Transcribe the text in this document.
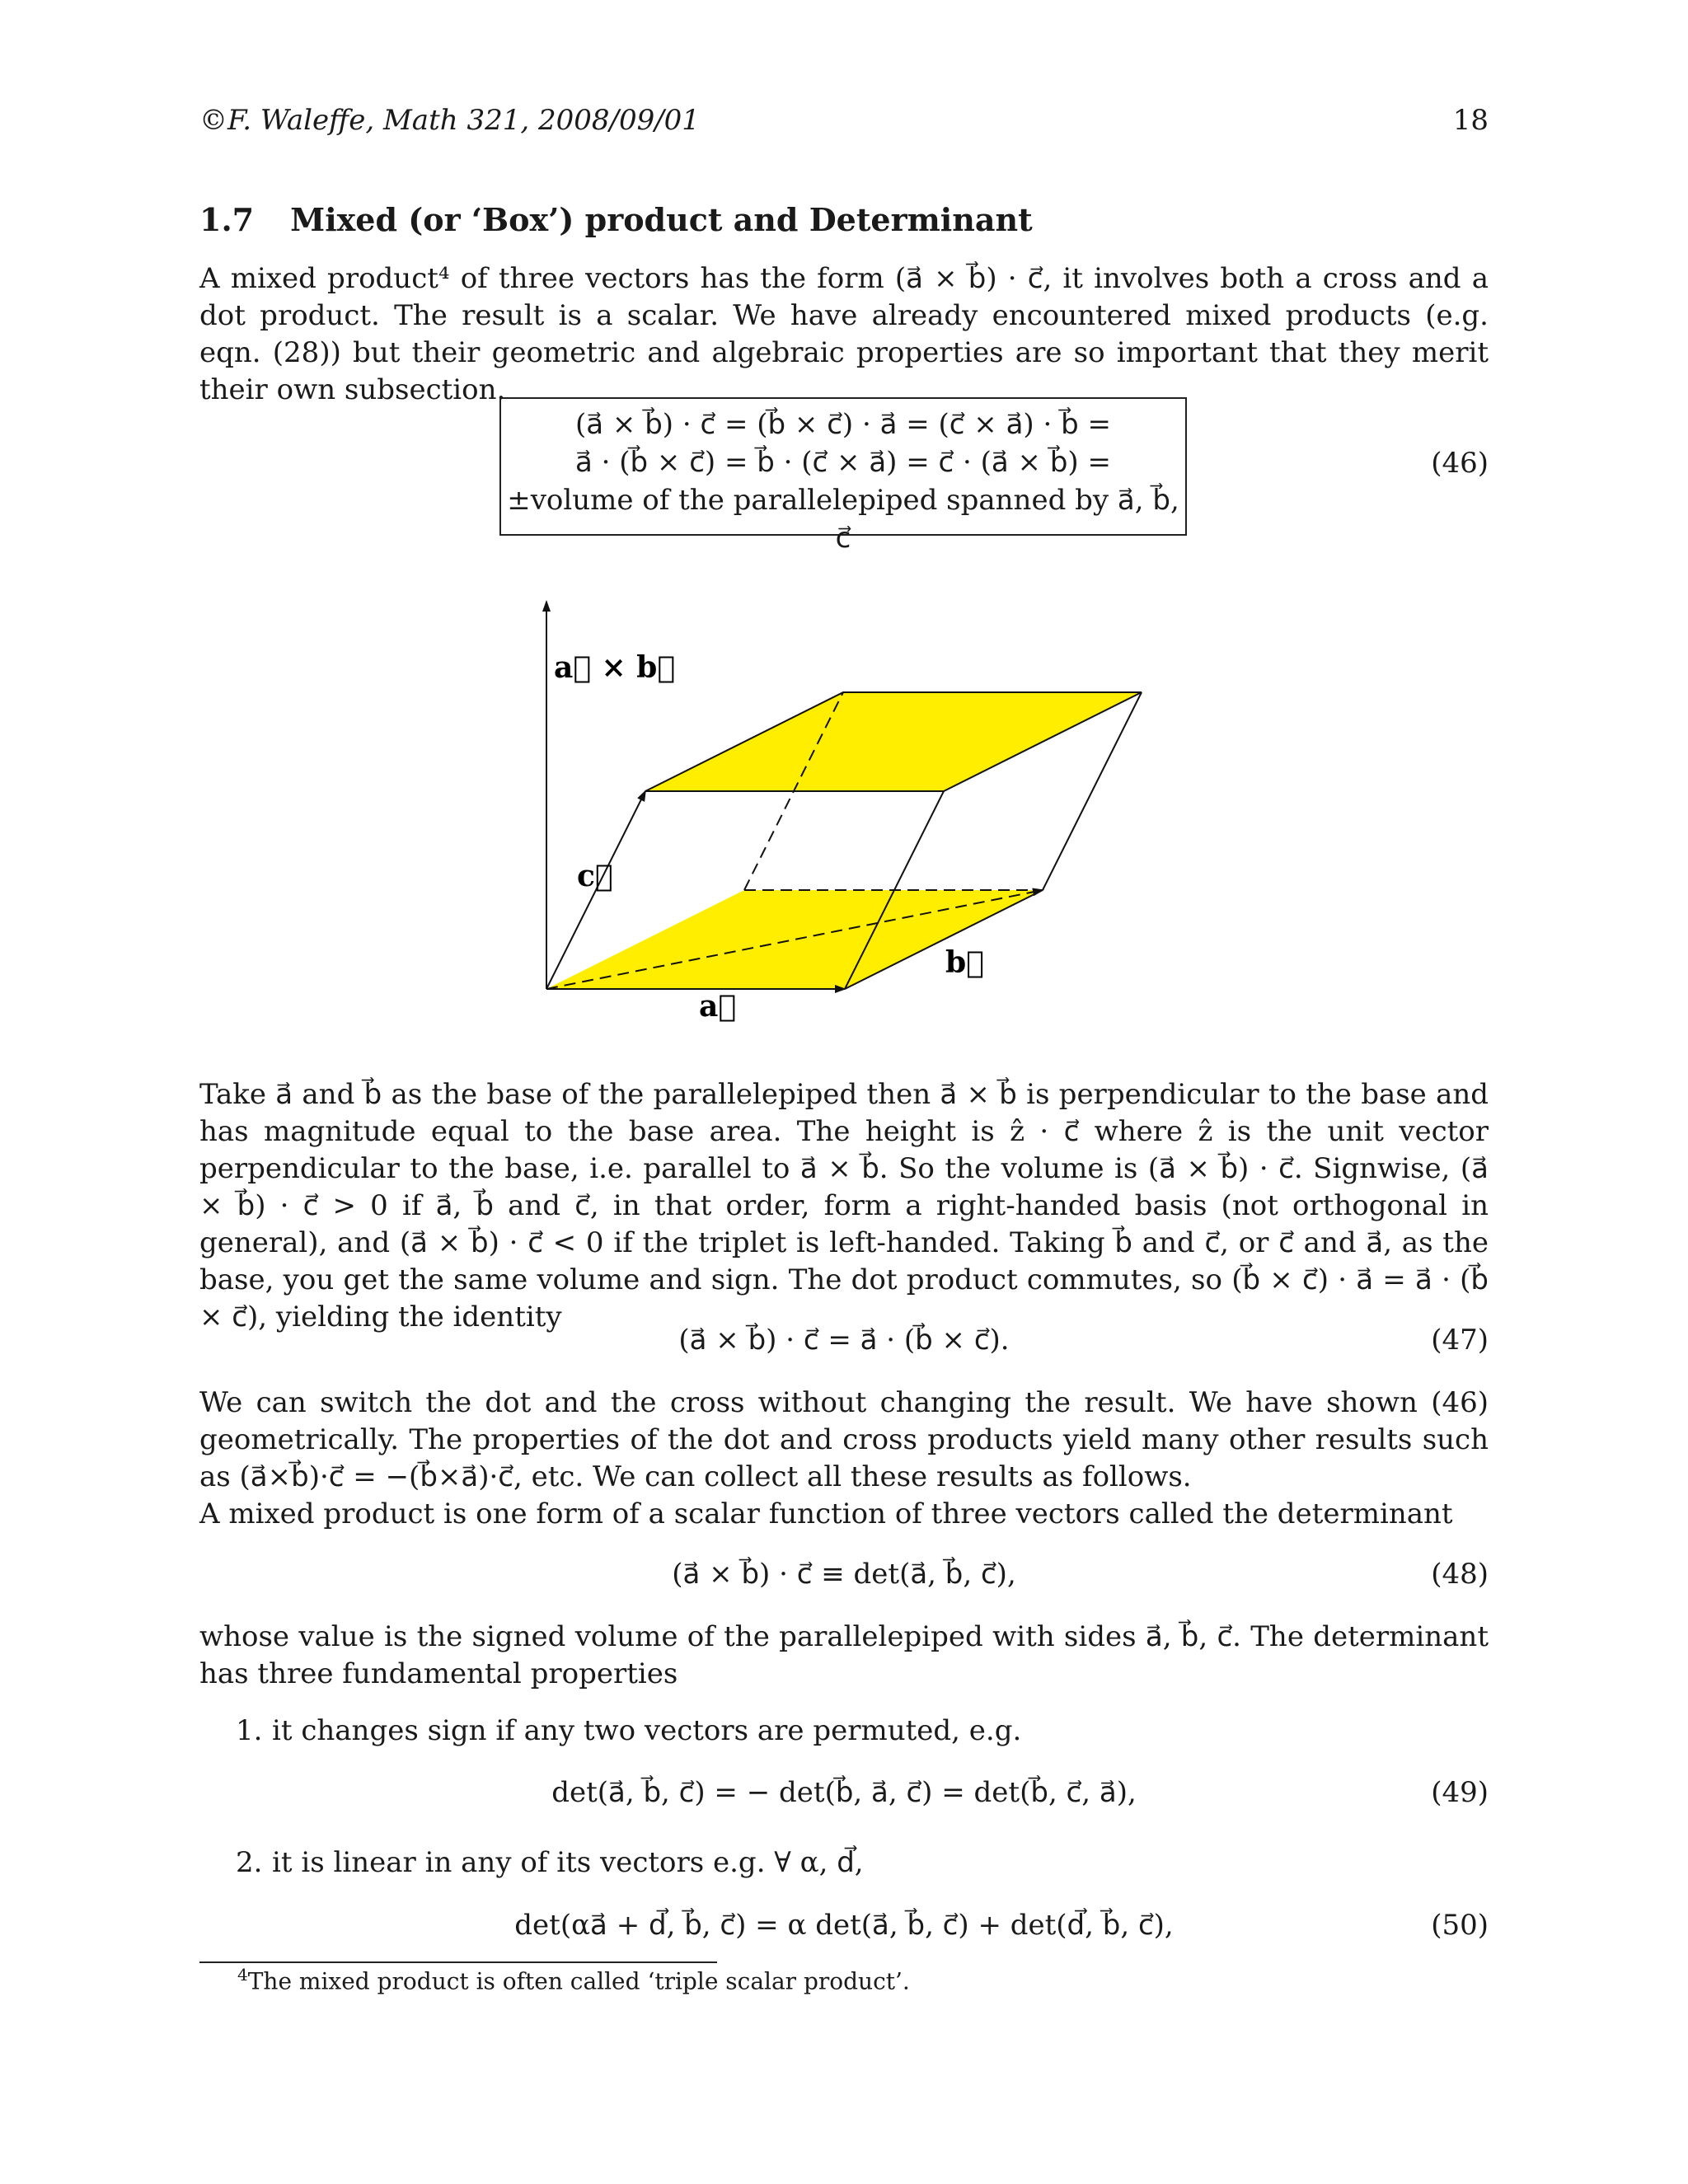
©F. Waleffe, Math 321, 2008/09/01	18
1.7 Mixed (or ‘Box’) product and Determinant

A mixed product⁴ of three vectors has the form (a⃗ × b⃗) · c⃗, it involves both a cross and a dot product. The result is a scalar. We have already encountered mixed products (e.g. eqn. (28)) but their geometric and algebraic properties are so important that they merit their own subsection.

(a⃗ × b⃗) · c⃗ = (b⃗ × c⃗) · a⃗ = (c⃗ × a⃗) · b⃗ =
a⃗ · (b⃗ × c⃗) = b⃗ · (c⃗ × a⃗) = c⃗ · (a⃗ × b⃗) =
±volume of the parallelepiped spanned by a⃗, b⃗, c⃗
(46)
a⃗ × b⃗
c⃗
b⃗
a⃗

Take a⃗ and b⃗ as the base of the parallelepiped then a⃗ × b⃗ is perpendicular to the base and has magnitude equal to the base area. The height is ẑ · c⃗ where ẑ is the unit vector perpendicular to the base, i.e. parallel to a⃗ × b⃗. So the volume is (a⃗ × b⃗) · c⃗. Signwise, (a⃗ × b⃗) · c⃗ > 0 if a⃗, b⃗ and c⃗, in that order, form a right-handed basis (not orthogonal in general), and (a⃗ × b⃗) · c⃗ < 0 if the triplet is left-handed. Taking b⃗ and c⃗, or c⃗ and a⃗, as the base, you get the same volume and sign. The dot product commutes, so (b⃗ × c⃗) · a⃗ = a⃗ · (b⃗ × c⃗), yielding the identity

(a⃗ × b⃗) · c⃗ = a⃗ · (b⃗ × c⃗).	(47)

We can switch the dot and the cross without changing the result. We have shown (46) geometrically. The properties of the dot and cross products yield many other results such as (a⃗×b⃗)·c⃗ = −(b⃗×a⃗)·c⃗, etc. We can collect all these results as follows.

A mixed product is one form of a scalar function of three vectors called the determinant

(a⃗ × b⃗) · c⃗ ≡ det(a⃗, b⃗, c⃗),	(48)

whose value is the signed volume of the parallelepiped with sides a⃗, b⃗, c⃗. The determinant has three fundamental properties

1. it changes sign if any two vectors are permuted, e.g.
det(a⃗, b⃗, c⃗) = − det(b⃗, a⃗, c⃗) = det(b⃗, c⃗, a⃗),	(49)
2. it is linear in any of its vectors e.g. ∀ α, d⃗,
det(αa⃗ + d⃗, b⃗, c⃗) = α det(a⃗, b⃗, c⃗) + det(d⃗, b⃗, c⃗),	(50)
$^4$The mixed product is often called ‘triple scalar product’.
